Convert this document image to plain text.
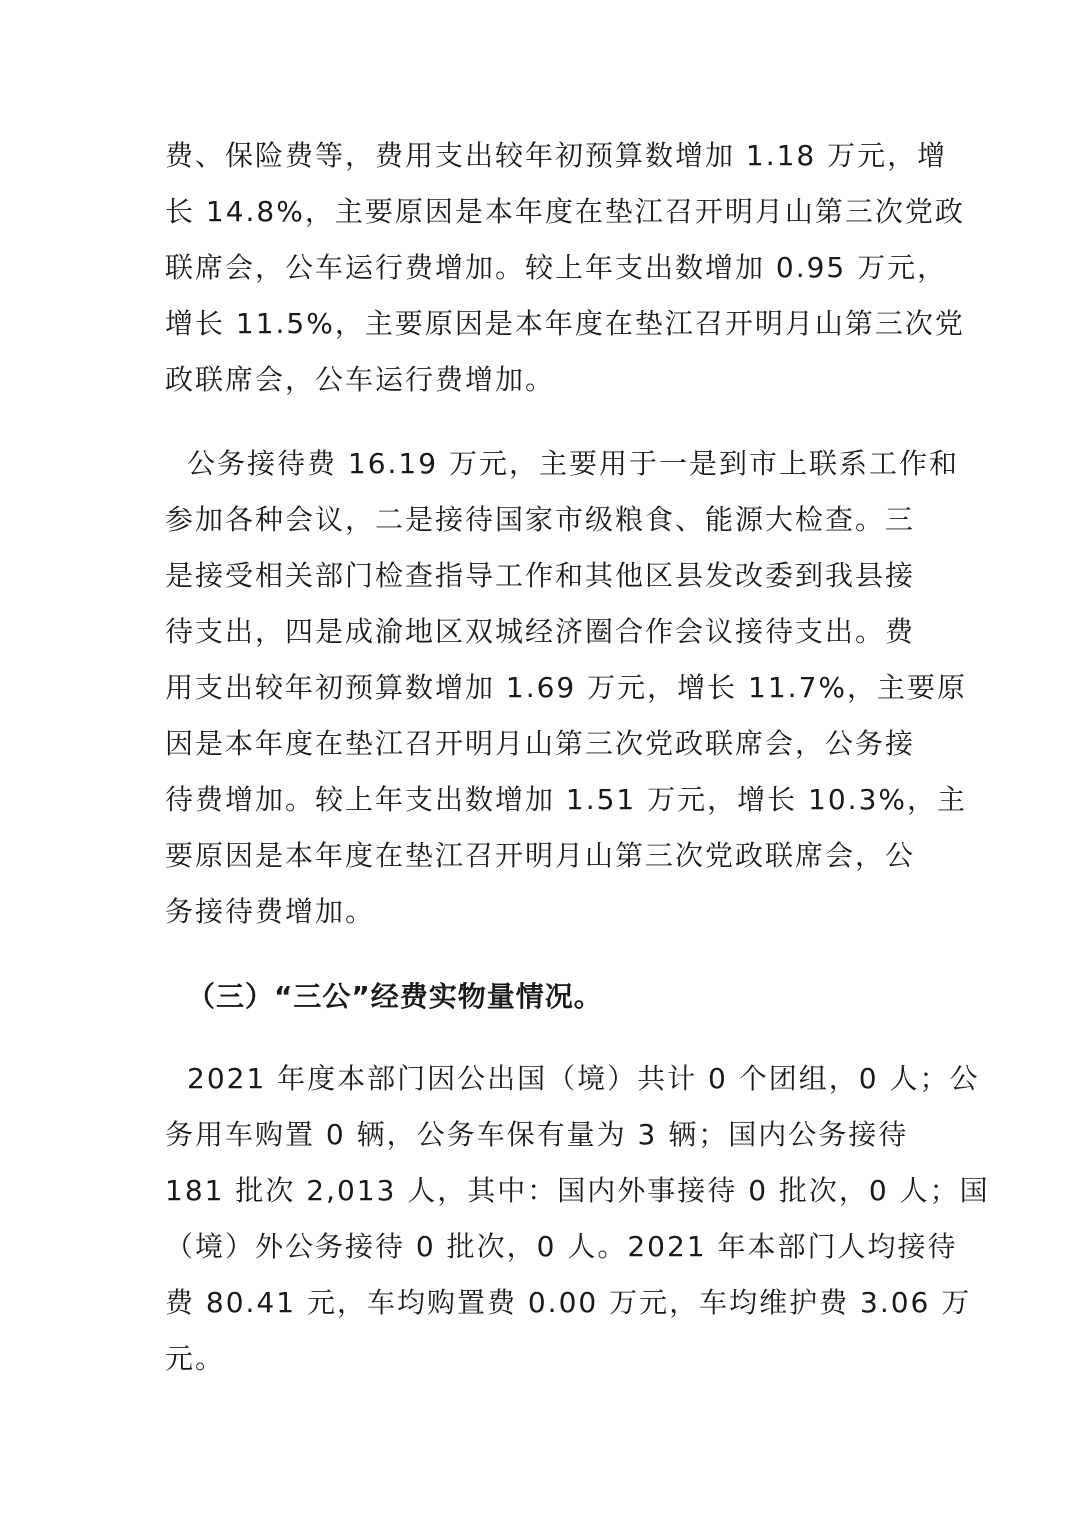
费、保险费等，费用支出较年初预算数增加 1.18 万元，增
长 14.8%，主要原因是本年度在垫江召开明月山第三次党政
联席会，公车运行费增加。较上年支出数增加 0.95 万元，
增长 11.5%，主要原因是本年度在垫江召开明月山第三次党
政联席会，公车运行费增加。
公务接待费 16.19 万元，主要用于一是到市上联系工作和
参加各种会议，二是接待国家市级粮食、能源大检查。三
是接受相关部门检查指导工作和其他区县发改委到我县接
待支出，四是成渝地区双城经济圈合作会议接待支出。费
用支出较年初预算数增加 1.69 万元，增长 11.7%，主要原
因是本年度在垫江召开明月山第三次党政联席会，公务接
待费增加。较上年支出数增加 1.51 万元，增长 10.3%，主
要原因是本年度在垫江召开明月山第三次党政联席会，公
务接待费增加。
（三）“三公”经费实物量情况。
2021 年度本部门因公出国（境）共计 0 个团组，0 人；公
务用车购置 0 辆，公务车保有量为 3 辆；国内公务接待
181 批次 2,013 人，其中：国内外事接待 0 批次，0 人；国
（境）外公务接待 0 批次，0 人。2021 年本部门人均接待
费 80.41 元，车均购置费 0.00 万元，车均维护费 3.06 万
元。
